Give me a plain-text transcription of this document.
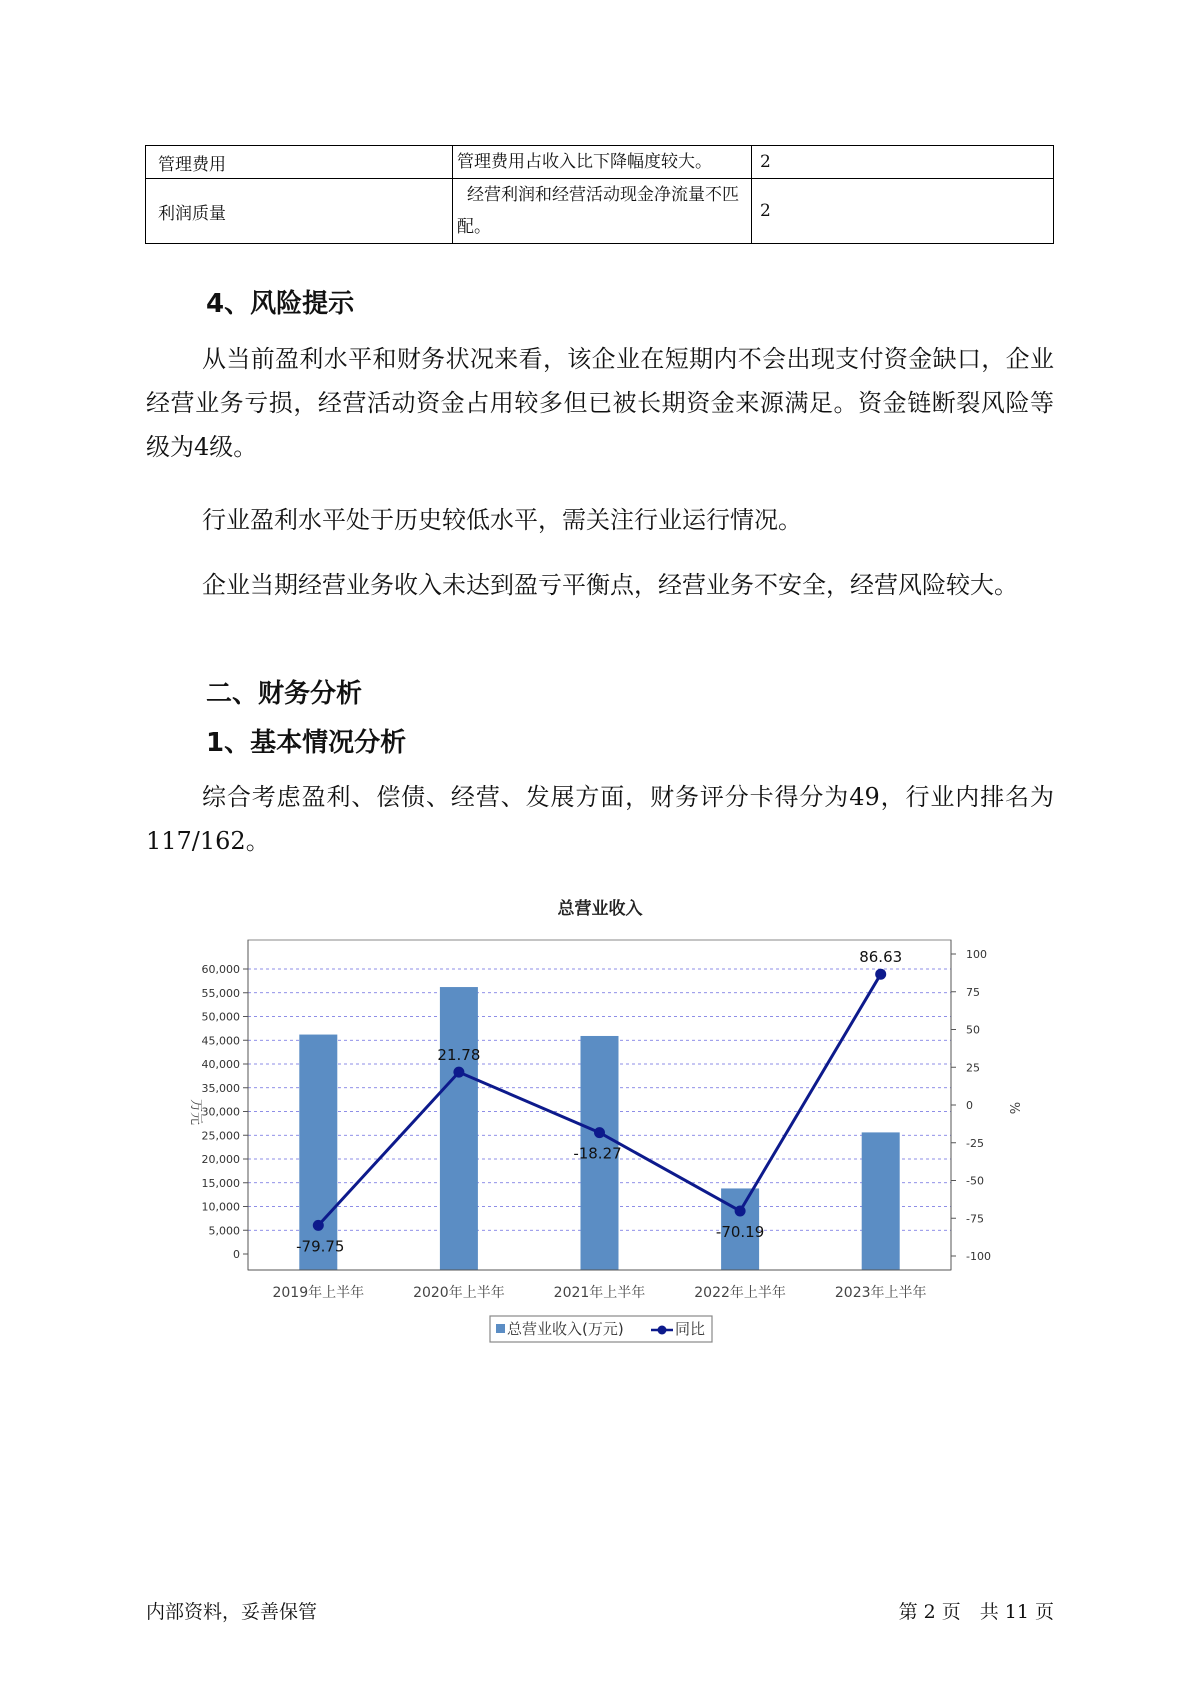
管理费用	管理费用占收入比下降幅度较大。	2
利润质量	经营利润和经营活动现金净流量不匹配。	2
4、风险提示
从当前盈利水平和财务状况来看，该企业在短期内不会出现支付资金缺口，企业经营业务亏损，经营活动资金占用较多但已被长期资金来源满足。资金链断裂风险等级为4级。
行业盈利水平处于历史较低水平，需关注行业运行情况。
企业当期经营业务收入未达到盈亏平衡点，经营业务不安全，经营风险较大。
二、财务分析
1、基本情况分析
综合考虑盈利、偿债、经营、发展方面，财务评分卡得分为49，行业内排名为117/162。
总营业收入
0
5,000
10,000
15,000
20,000
25,000
30,000
35,000
40,000
45,000
50,000
55,000
60,000
-100
-75
-50
-25
0
25
50
75
100
2019年上半年	2020年上半年	2021年上半年	2022年上半年	2023年上半年
-79.75
21.78
-18.27
-70.19
86.63
万元	%
总营业收入(万元)	同比
内部资料，妥善保管	第 2 页　共 11 页
